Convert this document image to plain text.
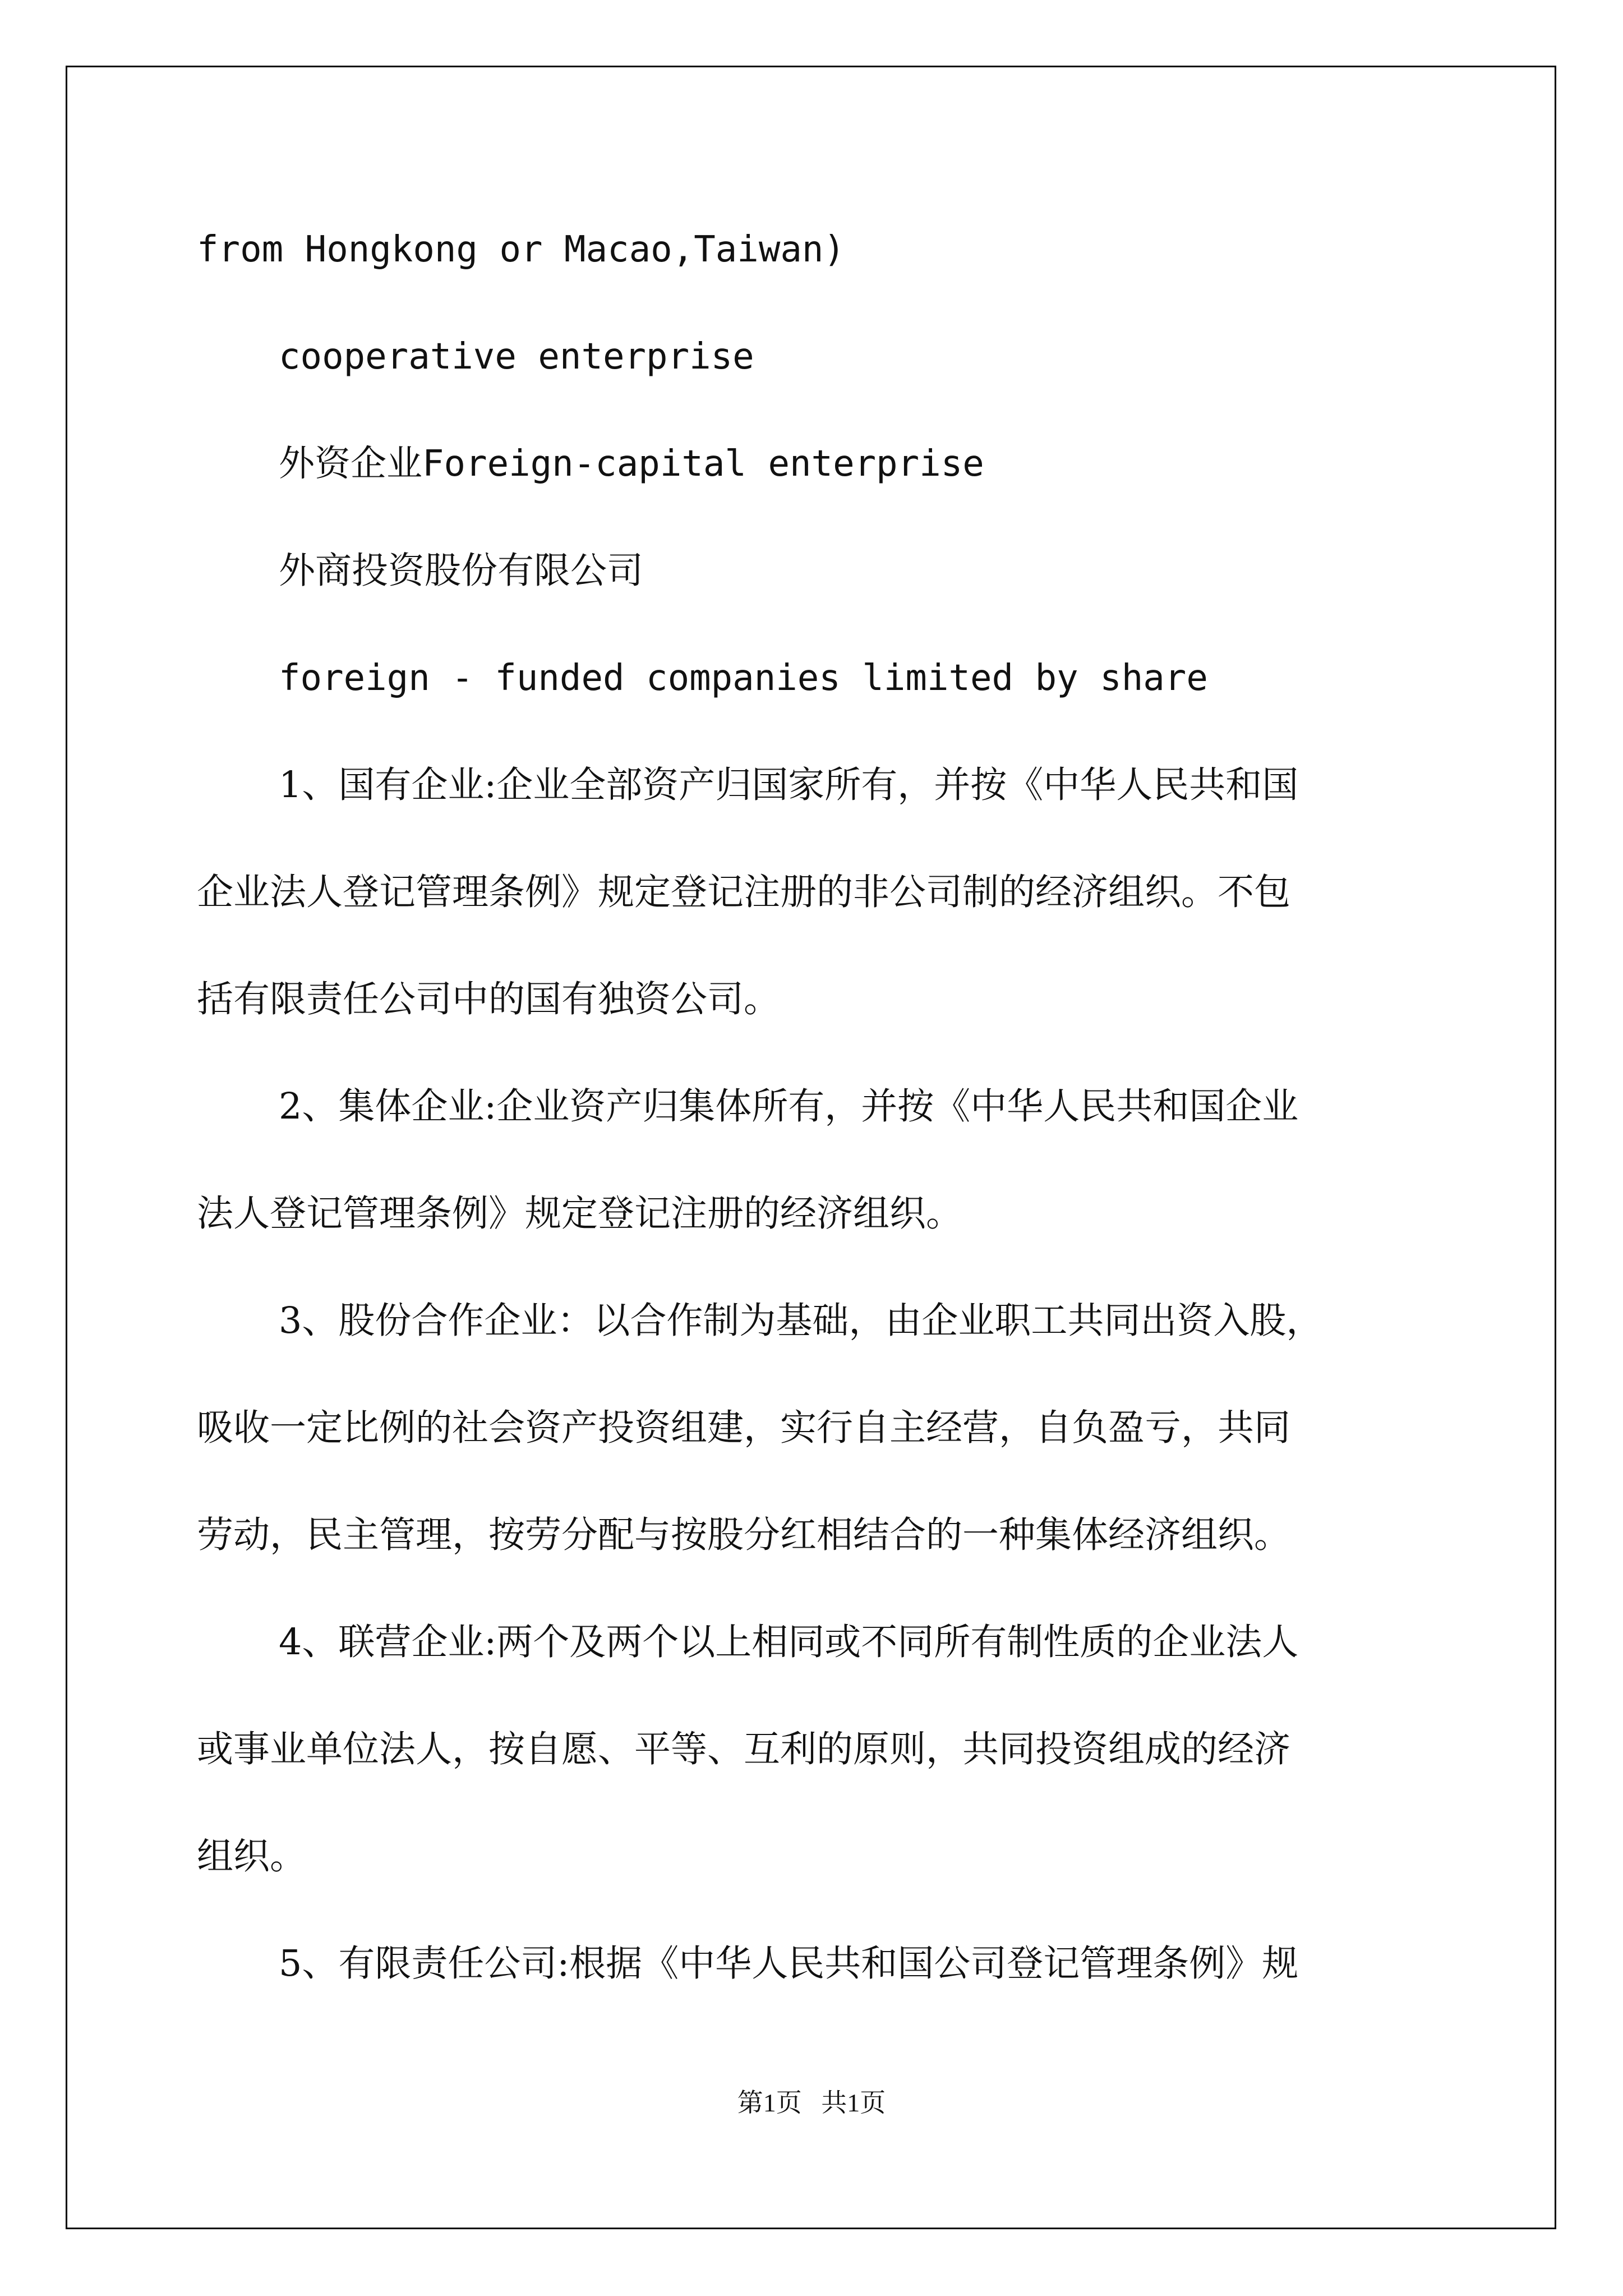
from Hongkong or Macao,Taiwan)
cooperative enterprise
外资企业Foreign-capital enterprise
外商投资股份有限公司
foreign - funded companies limited by share
1、国有企业:企业全部资产归国家所有，并按《中华人民共和国
企业法人登记管理条例》规定登记注册的非公司制的经济组织。不包
括有限责任公司中的国有独资公司。
2、集体企业:企业资产归集体所有，并按《中华人民共和国企业
法人登记管理条例》规定登记注册的经济组织。
3、股份合作企业：以合作制为基础，由企业职工共同出资入股，
吸收一定比例的社会资产投资组建，实行自主经营，自负盈亏，共同
劳动，民主管理，按劳分配与按股分红相结合的一种集体经济组织。
4、联营企业:两个及两个以上相同或不同所有制性质的企业法人
或事业单位法人，按自愿、平等、互利的原则，共同投资组成的经济
组织。
5、有限责任公司:根据《中华人民共和国公司登记管理条例》规
第1页   共1页
